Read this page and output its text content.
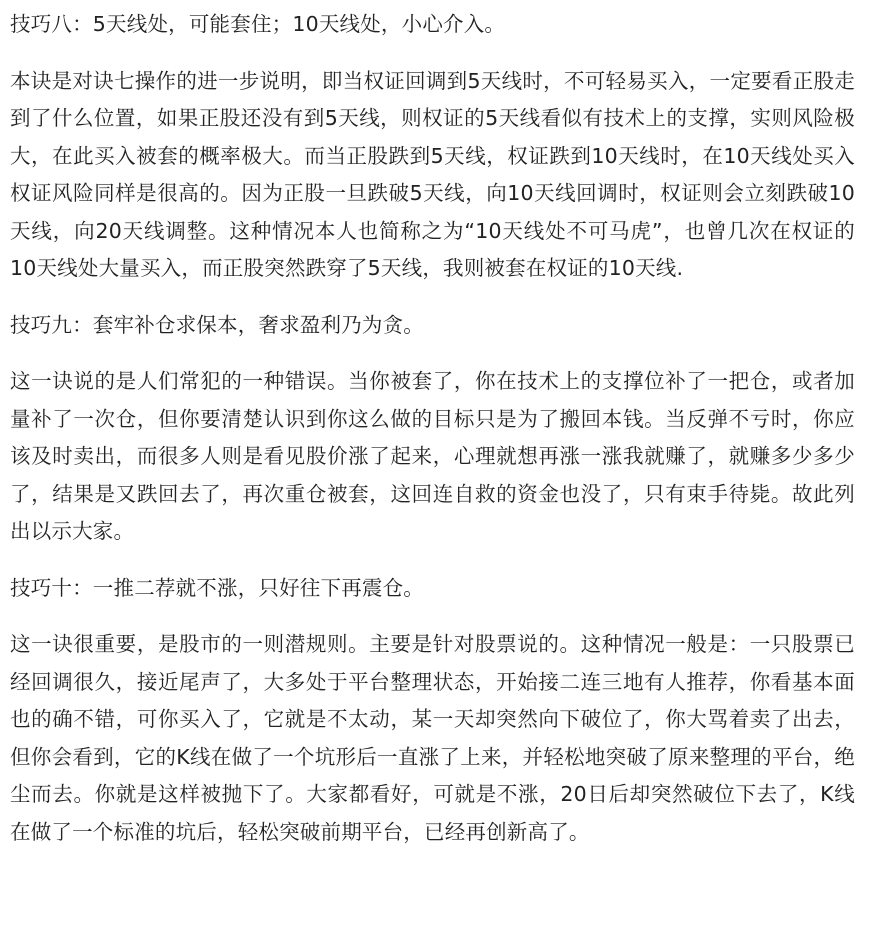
技巧八：5天线处，可能套住；10天线处，小心介入。

本诀是对诀七操作的进一步说明，即当权证回调到5天线时，不可轻易买入，一定要看正股走到了什么位置，如果正股还没有到5天线，则权证的5天线看似有技术上的支撑，实则风险极大，在此买入被套的概率极大。而当正股跌到5天线，权证跌到10天线时，在10天线处买入权证风险同样是很高的。因为正股一旦跌破5天线，向10天线回调时，权证则会立刻跌破10天线，向20天线调整。这种情况本人也简称之为“10天线处不可马虎”，也曾几次在权证的10天线处大量买入，而正股突然跌穿了5天线，我则被套在权证的10天线.

技巧九：套牢补仓求保本，奢求盈利乃为贪。

这一诀说的是人们常犯的一种错误。当你被套了，你在技术上的支撑位补了一把仓，或者加量补了一次仓，但你要清楚认识到你这么做的目标只是为了搬回本钱。当反弹不亏时，你应该及时卖出，而很多人则是看见股价涨了起来，心理就想再涨一涨我就赚了，就赚多少多少了，结果是又跌回去了，再次重仓被套，这回连自救的资金也没了，只有束手待毙。故此列出以示大家。

技巧十：一推二荐就不涨，只好往下再震仓。

这一诀很重要，是股市的一则潜规则。主要是针对股票说的。这种情况一般是：一只股票已经回调很久，接近尾声了，大多处于平台整理状态，开始接二连三地有人推荐，你看基本面也的确不错，可你买入了，它就是不太动，某一天却突然向下破位了，你大骂着卖了出去，但你会看到，它的K线在做了一个坑形后一直涨了上来，并轻松地突破了原来整理的平台，绝尘而去。你就是这样被抛下了。大家都看好，可就是不涨，20日后却突然破位下去了，K线在做了一个标准的坑后，轻松突破前期平台，已经再创新高了。
